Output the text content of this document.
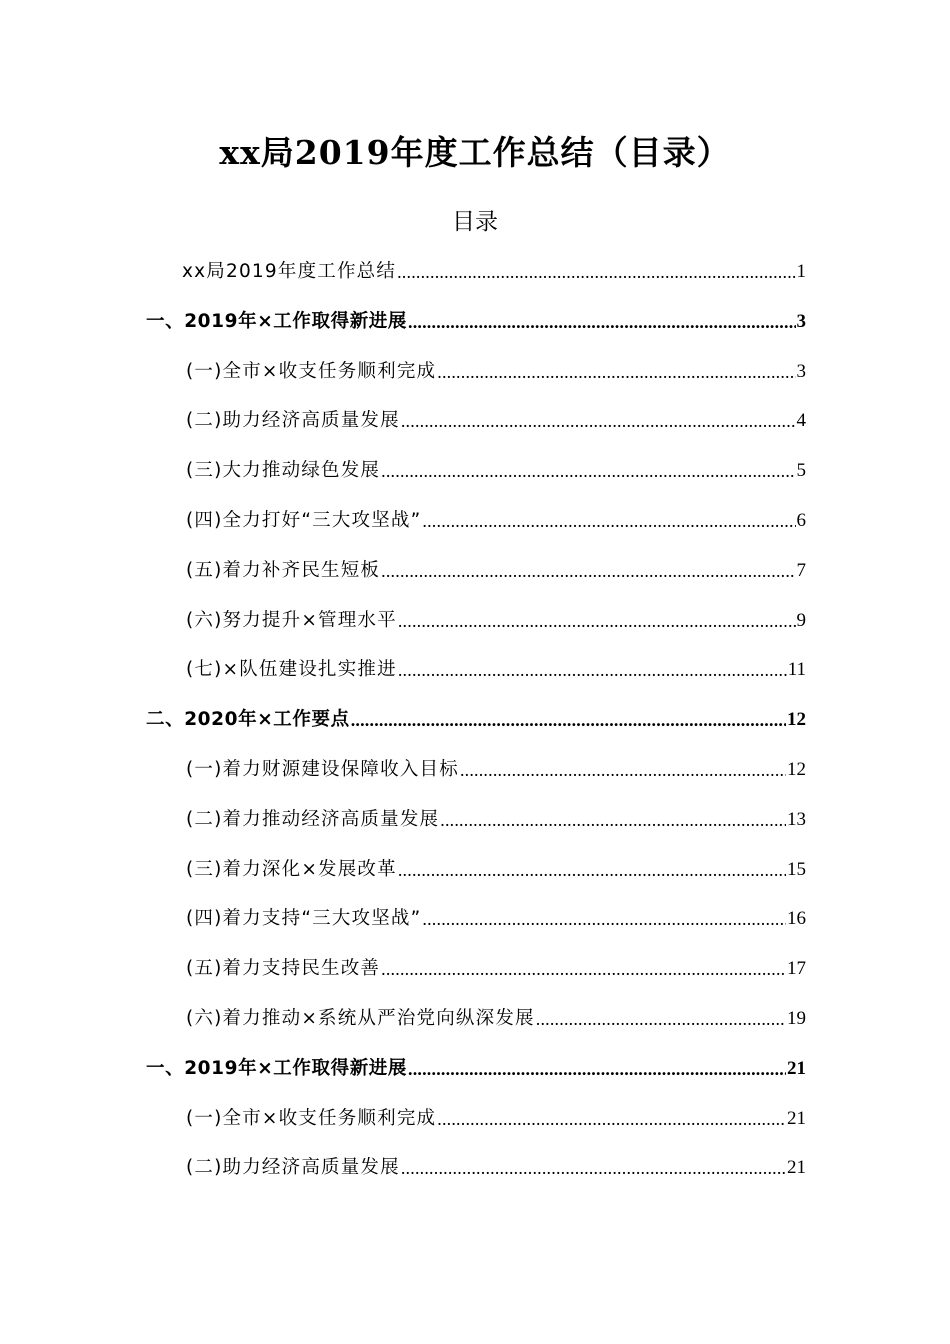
xx局2019年度工作总结（目录）
目录
xx局2019年度工作总结 .....	1
一、2019年×工作取得新进展 .....	3
(一)全市×收支任务顺利完成 .....	3
(二)助力经济高质量发展 .....	4
(三)大力推动绿色发展 .....	5
(四)全力打好“三大攻坚战” .....	6
(五)着力补齐民生短板 .....	7
(六)努力提升×管理水平 .....	9
(七)×队伍建设扎实推进 .....	11
二、2020年×工作要点 .....	12
(一)着力财源建设保障收入目标 .....	12
(二)着力推动经济高质量发展 .....	13
(三)着力深化×发展改革 .....	15
(四)着力支持“三大攻坚战” .....	16
(五)着力支持民生改善 .....	17
(六)着力推动×系统从严治党向纵深发展 .....	19
一、2019年×工作取得新进展 .....	21
(一)全市×收支任务顺利完成 .....	21
(二)助力经济高质量发展 .....	21
